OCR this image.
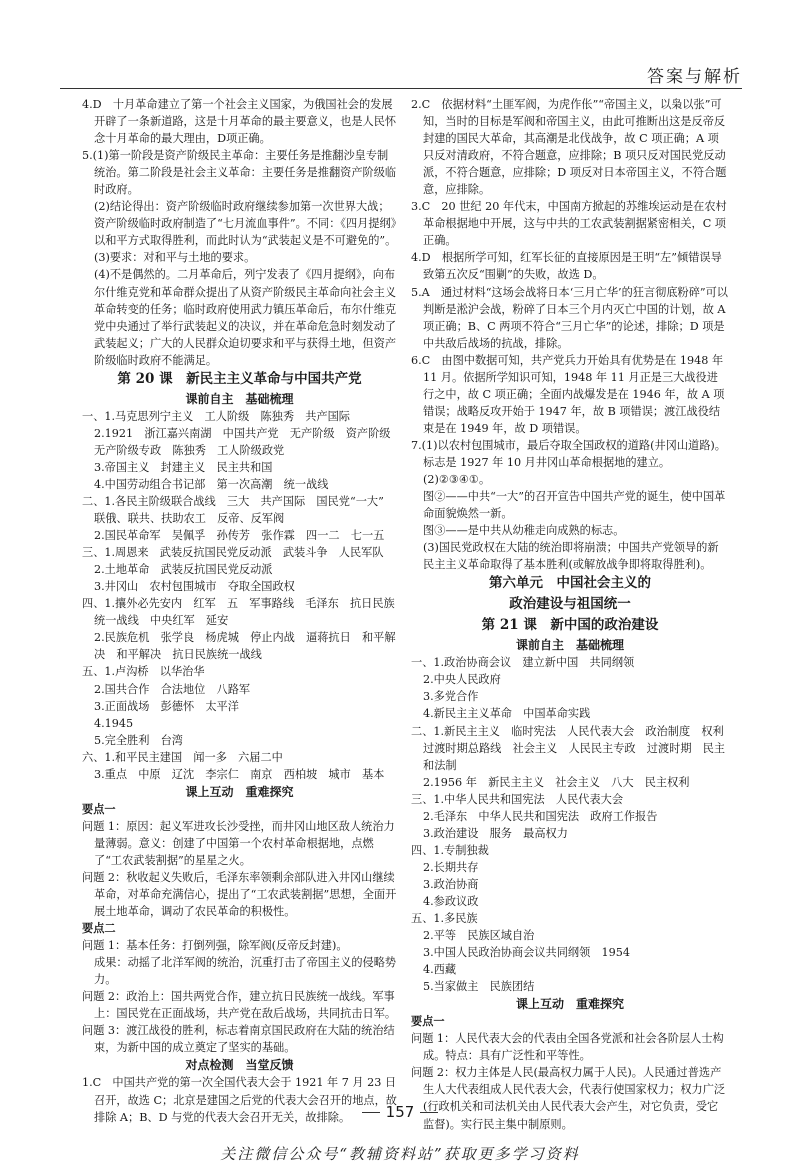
答案与解析
4.D　十月革命建立了第一个社会主义国家，为俄国社会的发展开辟了一条新道路，这是十月革命的最主要意义，也是人民怀念十月革命的最大理由，D项正确。
5.(1)第一阶段是资产阶级民主革命：主要任务是推翻沙皇专制统治。第二阶段是社会主义革命：主要任务是推翻资产阶级临时政府。
(2)结论得出：资产阶级临时政府继续参加第一次世界大战；资产阶级临时政府制造了“七月流血事件”。不同：《四月提纲》以和平方式取得胜利，而此时认为“武装起义是不可避免的”。
(3)要求：对和平与土地的要求。
(4)不是偶然的。二月革命后，列宁发表了《四月提纲》，向布尔什维克党和革命群众提出了从资产阶级民主革命向社会主义革命转变的任务；临时政府使用武力镇压革命后，布尔什维克党中央通过了举行武装起义的决议，并在革命危急时刻发动了武装起义；广大的人民群众迫切要求和平与获得土地，但资产阶级临时政府不能满足。
第 20 课　新民主主义革命与中国共产党
课前自主　基础梳理
一、1.马克思列宁主义　工人阶级　陈独秀　共产国际
2.1921　浙江嘉兴南湖　中国共产党　无产阶级　资产阶级　无产阶级专政　陈独秀　工人阶级政党
3.帝国主义　封建主义　民主共和国
4.中国劳动组合书记部　第一次高潮　统一战线
二、1.各民主阶级联合战线　三大　共产国际　国民党“一大”　联俄、联共、扶助农工　反帝、反军阀
2.国民革命军　吴佩孚　孙传芳　张作霖　四一二　七一五
三、1.周恩来　武装反抗国民党反动派　武装斗争　人民军队
2.土地革命　武装反抗国民党反动派
3.井冈山　农村包围城市　夺取全国政权
四、1.攘外必先安内　红军　五　军事路线　毛泽东　抗日民族统一战线　中央红军　延安
2.民族危机　张学良　杨虎城　停止内战　逼蒋抗日　和平解决　和平解决　抗日民族统一战线
五、1.卢沟桥　以华治华
2.国共合作　合法地位　八路军
3.正面战场　彭德怀　太平洋
4.1945
5.完全胜利　台湾
六、1.和平民主建国　闻一多　六届二中
3.重点　中原　辽沈　李宗仁　南京　西柏坡　城市　基本
课上互动　重难探究
要点一
问题 1：原因：起义军进攻长沙受挫，而井冈山地区敌人统治力量薄弱。意义：创建了中国第一个农村革命根据地，点燃了“工农武装割据”的星星之火。
问题 2：秋收起义失败后，毛泽东率领剩余部队进入井冈山继续革命，对革命充满信心，提出了“工农武装割据”思想，全面开展土地革命，调动了农民革命的积极性。
要点二
问题 1：基本任务：打倒列强，除军阀(反帝反封建)。
成果：动摇了北洋军阀的统治，沉重打击了帝国主义的侵略势力。
问题 2：政治上：国共两党合作，建立抗日民族统一战线。军事上：国民党在正面战场，共产党在敌后战场，共同抗击日军。
问题 3：渡江战役的胜利，标志着南京国民政府在大陆的统治结束，为新中国的成立奠定了坚实的基础。
对点检测　当堂反馈
1.C　中国共产党的第一次全国代表大会于 1921 年 7 月 23 日召开，故选 C；北京是建国之后党的代表大会召开的地点，故排除 A；B、D 与党的代表大会召开无关，故排除。
2.C　依据材料“土匪军阀，为虎作伥”“帝国主义，以枭以张”可知，当时的目标是军阀和帝国主义，由此可推断出这是反帝反封建的国民大革命，其高潮是北伐战争，故 C 项正确；A 项只反对清政府，不符合题意，应排除；B 项只反对国民党反动派，不符合题意，应排除；D 项反对日本帝国主义，不符合题意，应排除。
3.C　20 世纪 20 年代末，中国南方掀起的苏维埃运动是在农村革命根据地中开展，这与中共的工农武装割据紧密相关，C 项正确。
4.D　根据所学可知，红军长征的直接原因是王明“左”倾错误导致第五次反“围剿”的失败，故选 D。
5.A　通过材料“这场会战将日本‘三月亡华’的狂言彻底粉碎”可以判断是淞沪会战，粉碎了日本三个月内灭亡中国的计划，故 A 项正确；B、C 两项不符合“三月亡华”的论述，排除；D 项是中共敌后战场的抗战，排除。
6.C　由图中数据可知，共产党兵力开始具有优势是在 1948 年 11 月。依据所学知识可知，1948 年 11 月正是三大战役进行之中，故 C 项正确；全面内战爆发是在 1946 年，故 A 项错误；战略反攻开始于 1947 年，故 B 项错误；渡江战役结束是在 1949 年，故 D 项错误。
7.(1)以农村包围城市，最后夺取全国政权的道路(井冈山道路)。
标志是 1927 年 10 月井冈山革命根据地的建立。
(2)②③④①。
图②——中共“一大”的召开宣告中国共产党的诞生，使中国革命面貌焕然一新。
图③——是中共从幼稚走向成熟的标志。
(3)国民党政权在大陆的统治即将崩溃；中国共产党领导的新民主主义革命取得了基本胜利(或解放战争即将取得胜利)。
第六单元　中国社会主义的
政治建设与祖国统一
第 21 课　新中国的政治建设
课前自主　基础梳理
一、1.政治协商会议　建立新中国　共同纲领
2.中央人民政府
3.多党合作
4.新民主主义革命　中国革命实践
二、1.新民主主义　临时宪法　人民代表大会　政治制度　权利　过渡时期总路线　社会主义　人民民主专政　过渡时期　民主和法制
2.1956 年　新民主主义　社会主义　八大　民主权利
三、1.中华人民共和国宪法　人民代表大会
2.毛泽东　中华人民共和国宪法　政府工作报告
3.政治建设　服务　最高权力
四、1.专制独裁
2.长期共存
3.政治协商
4.参政议政
五、1.多民族
2.平等　民族区域自治
3.中国人民政治协商会议共同纲领　1954
4.西藏
5.当家做主　民族团结
课上互动　重难探究
要点一
问题 1：人民代表大会的代表由全国各党派和社会各阶层人士构成。特点：具有广泛性和平等性。
问题 2：权力主体是人民(最高权力属于人民)。人民通过普选产生人大代表组成人民代表大会，代表行使国家权力；权力广泛(行政机关和司法机关由人民代表大会产生，对它负责，受它监督)。实行民主集中制原则。
157
关注微信公众号“教辅资料站”获取更多学习资料
